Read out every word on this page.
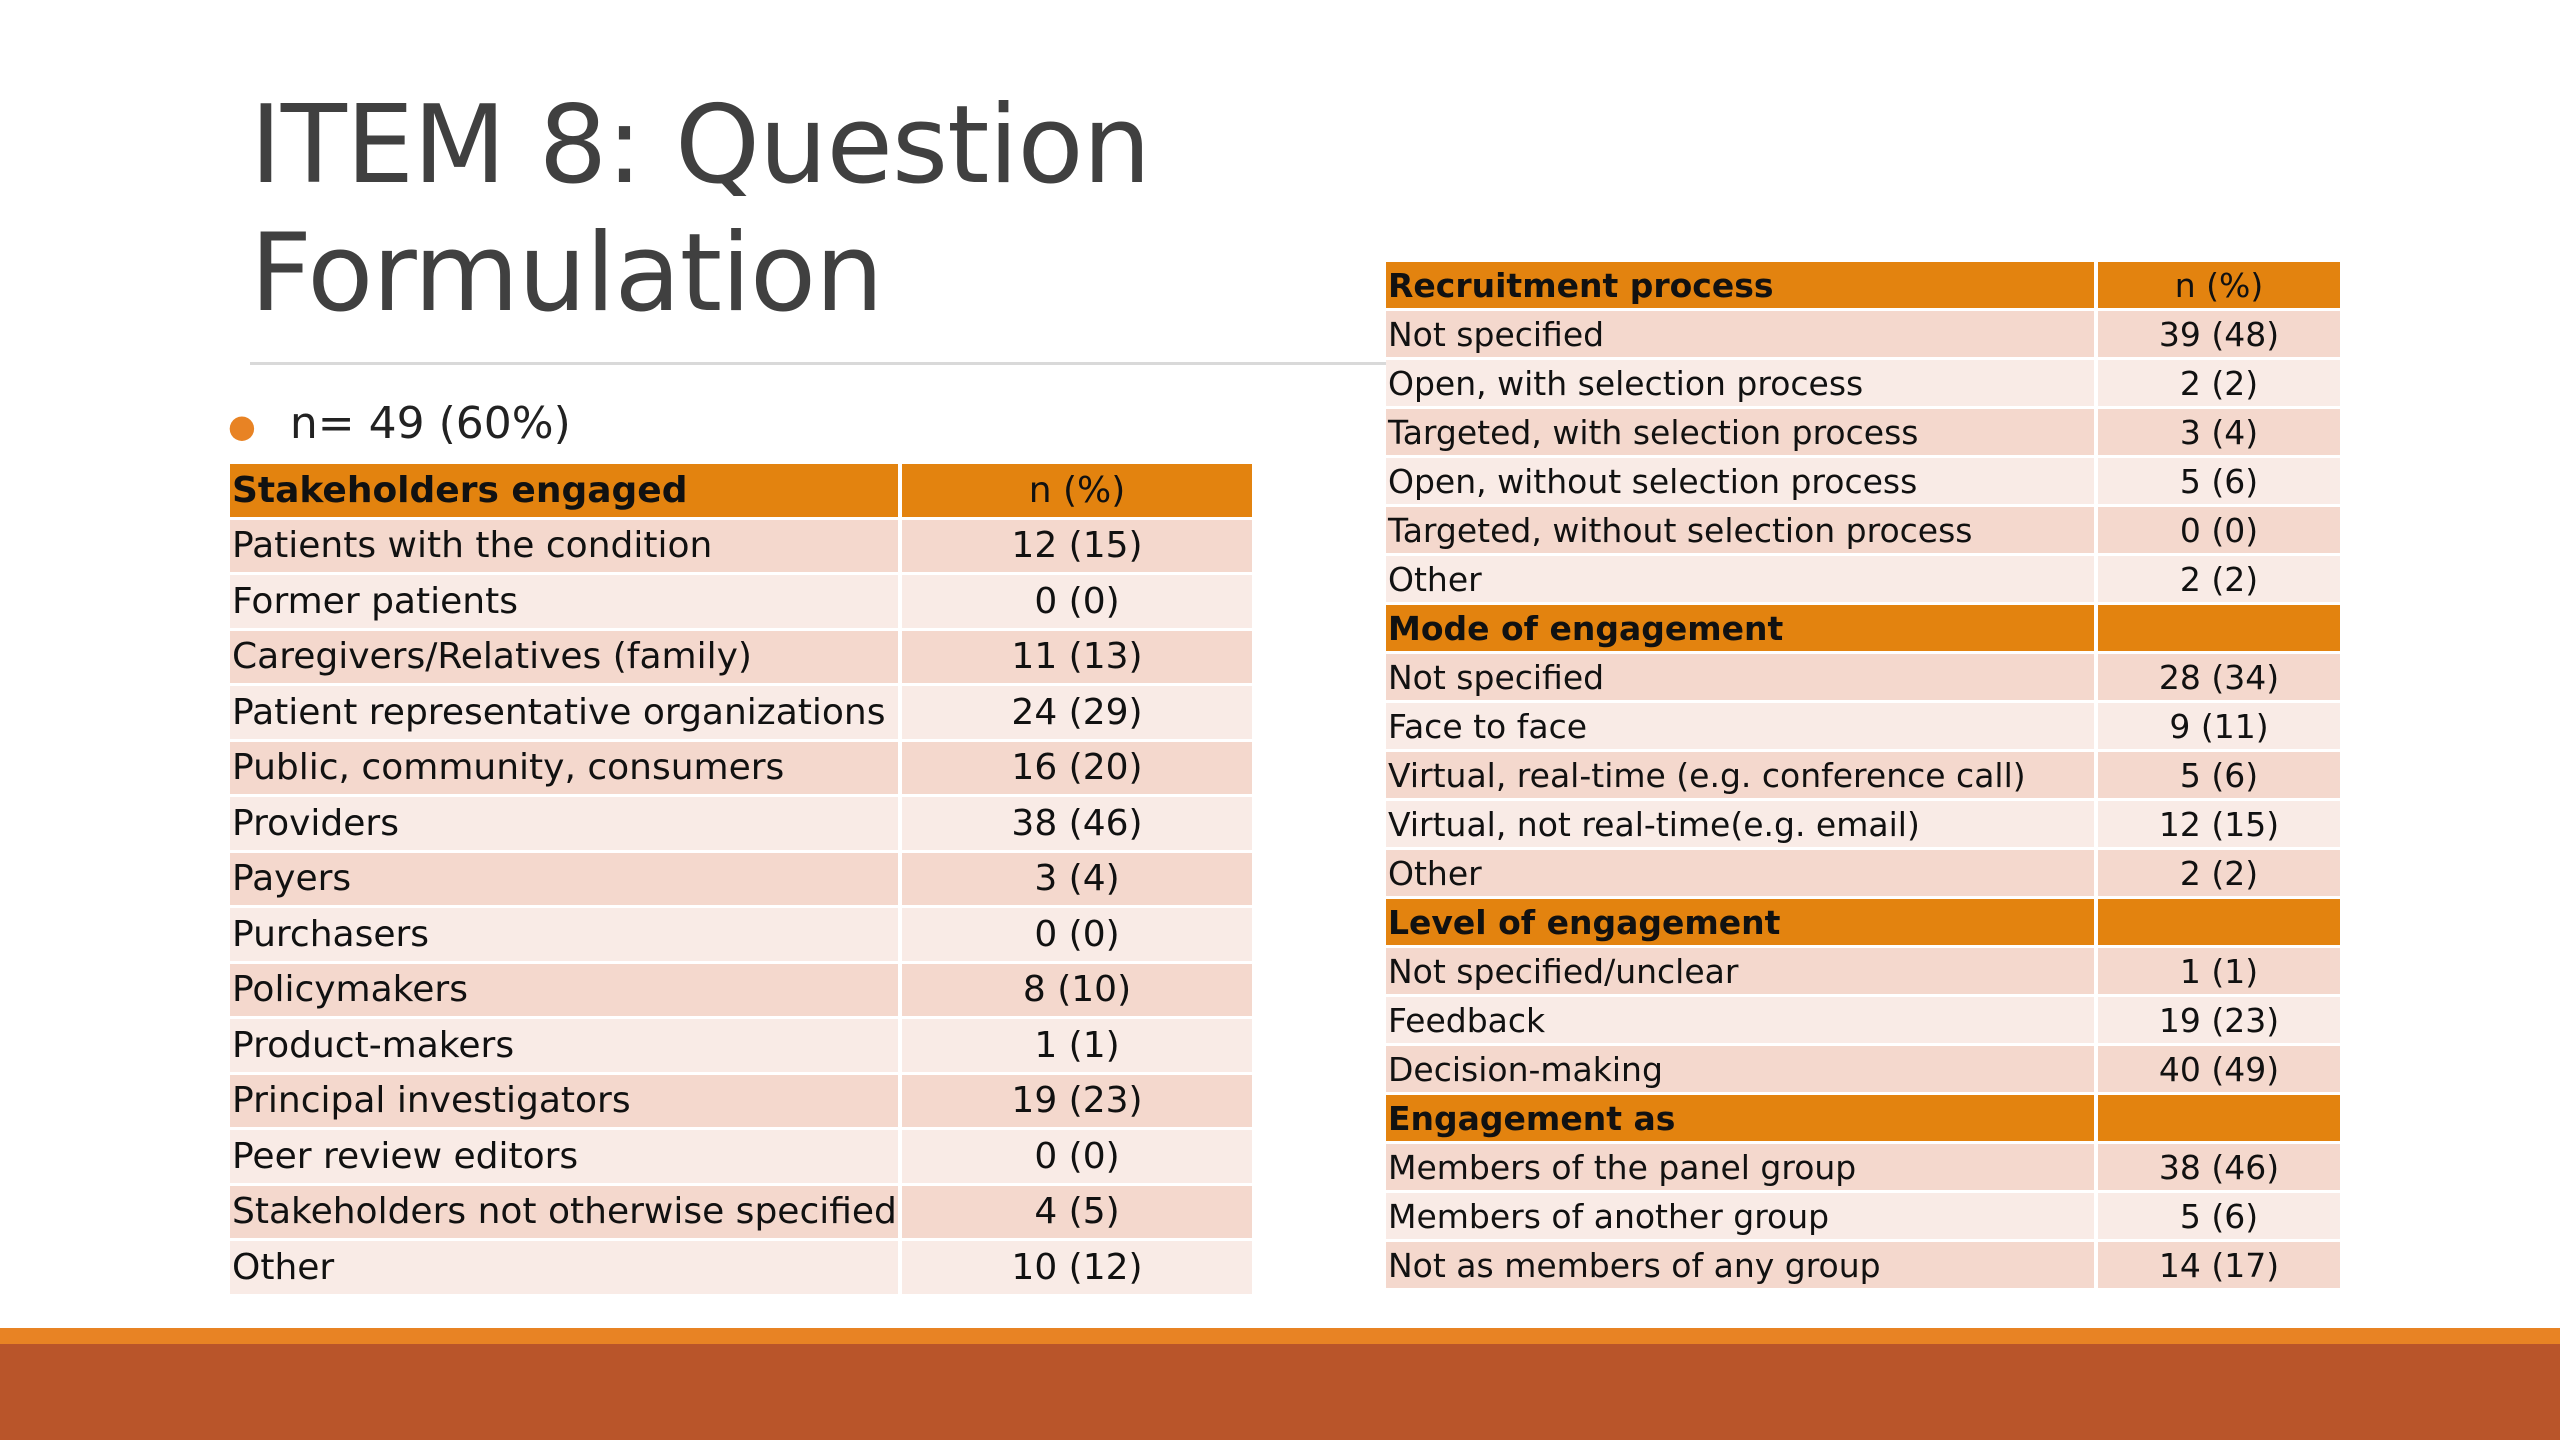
ITEM 8: Question
Formulation
● n= 49 (60%)
Stakeholders engaged	n (%)
Patients with the condition	12 (15)
Former patients	0 (0)
Caregivers/Relatives (family)	11 (13)
Patient representative organizations	24 (29)
Public, community, consumers	16 (20)
Providers	38 (46)
Payers	3 (4)
Purchasers	0 (0)
Policymakers	8 (10)
Product-makers	1 (1)
Principal investigators	19 (23)
Peer review editors	0 (0)
Stakeholders not otherwise specified	4 (5)
Other	10 (12)
Recruitment process	n (%)
Not specified	39 (48)
Open, with selection process	2 (2)
Targeted, with selection process	3 (4)
Open, without selection process	5 (6)
Targeted, without selection process	0 (0)
Other	2 (2)
Mode of engagement	
Not specified	28 (34)
Face to face	9 (11)
Virtual, real-time (e.g. conference call)	5 (6)
Virtual, not real-time(e.g. email)	12 (15)
Other	2 (2)
Level of engagement	
Not specified/unclear	1 (1)
Feedback	19 (23)
Decision-making	40 (49)
Engagement as	
Members of the panel group	38 (46)
Members of another group	5 (6)
Not as members of any group	14 (17)
